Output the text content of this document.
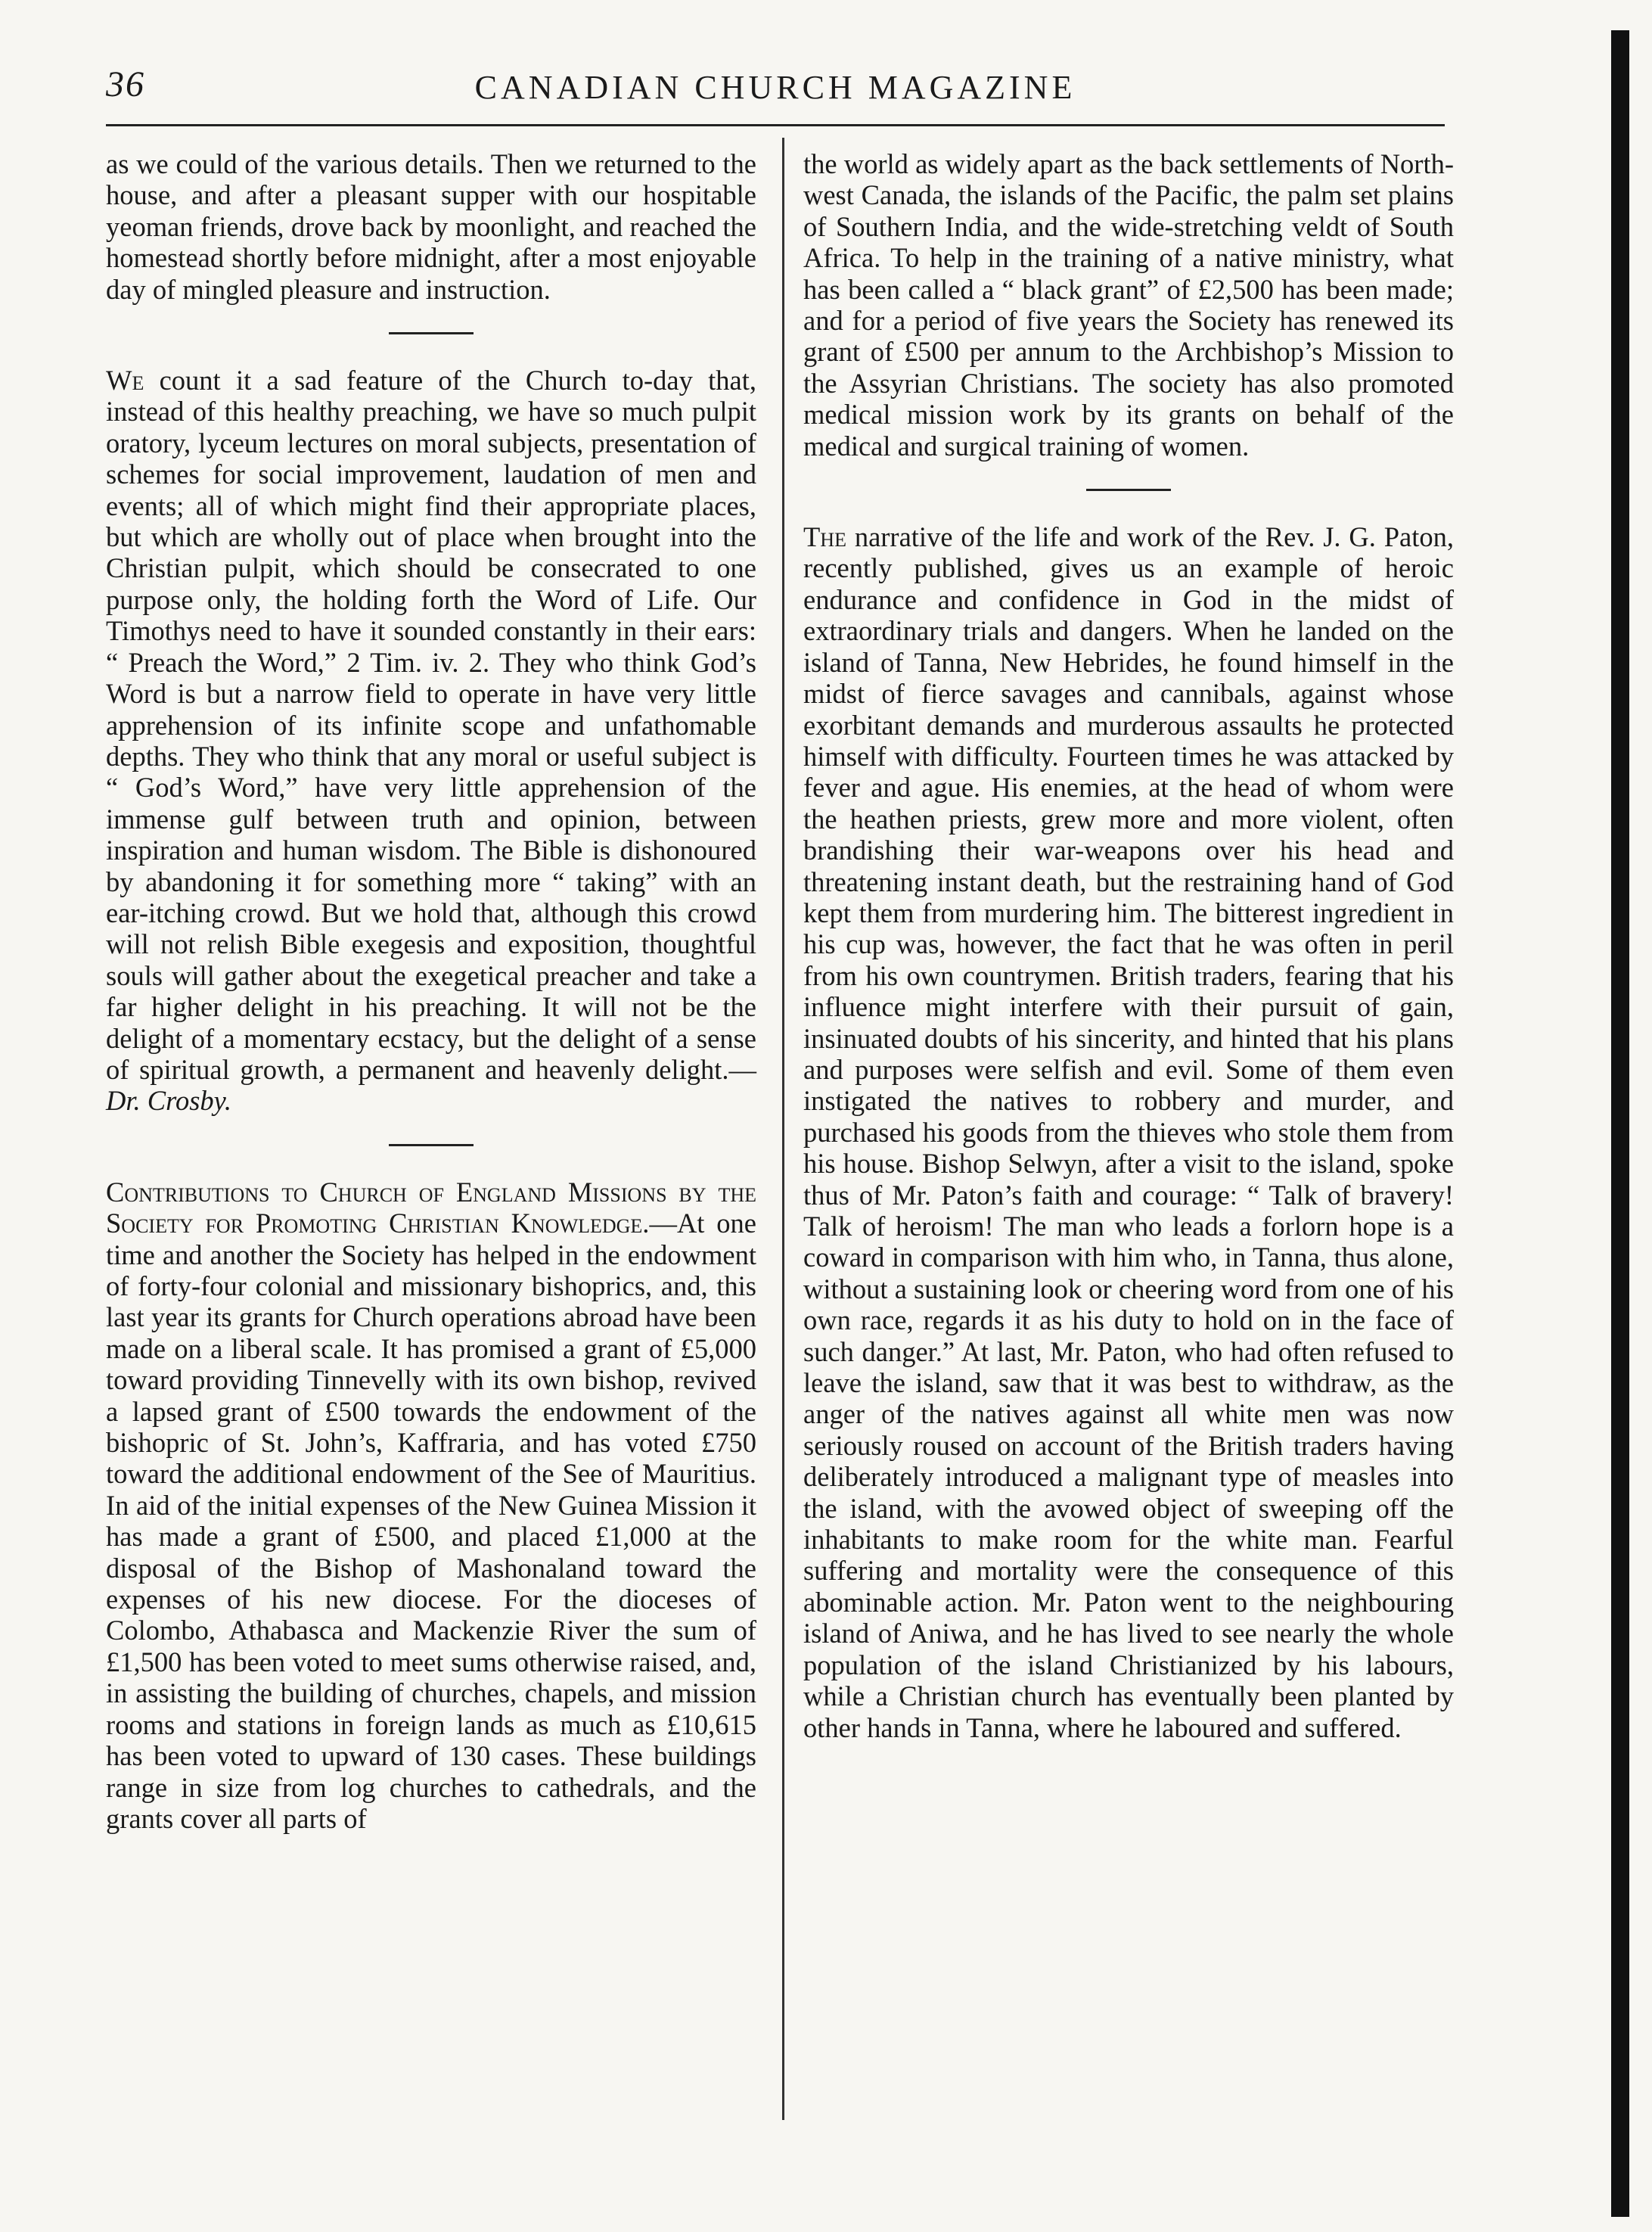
36	CANADIAN CHURCH MAGAZINE

as we could of the various details. Then we returned to the house, and after a pleasant supper with our hospitable yeoman friends, drove back by moonlight, and reached the homestead shortly before midnight, after a most enjoyable day of mingled pleasure and instruction.

We count it a sad feature of the Church to-day that, instead of this healthy preaching, we have so much pulpit oratory, lyceum lectures on moral subjects, presentation of schemes for social improvement, laudation of men and events; all of which might find their appropriate places, but which are wholly out of place when brought into the Christian pulpit, which should be consecrated to one purpose only, the holding forth the Word of Life. Our Timothys need to have it sounded constantly in their ears: “ Preach the Word,” 2 Tim. iv. 2. They who think God’s Word is but a narrow field to operate in have very little apprehension of its infinite scope and unfathomable depths. They who think that any moral or useful subject is “ God’s Word,” have very little apprehension of the immense gulf between truth and opinion, between inspiration and human wisdom. The Bible is dishonoured by abandoning it for something more “ taking” with an ear-itching crowd. But we hold that, although this crowd will not relish Bible exegesis and exposition, thoughtful souls will gather about the exegetical preacher and take a far higher delight in his preaching. It will not be the delight of a momentary ecstacy, but the delight of a sense of spiritual growth, a permanent and heavenly delight.— Dr. Crosby.

Contributions to Church of England Missions by the Society for Promoting Christian Knowledge.—At one time and another the Society has helped in the endowment of forty-four colonial and missionary bishoprics, and, this last year its grants for Church operations abroad have been made on a liberal scale. It has promised a grant of £5,000 toward providing Tinnevelly with its own bishop, revived a lapsed grant of £500 towards the endowment of the bishopric of St. John’s, Kaffraria, and has voted £750 toward the additional endowment of the See of Mauritius. In aid of the initial expenses of the New Guinea Mission it has made a grant of £500, and placed £1,000 at the disposal of the Bishop of Mashonaland toward the expenses of his new diocese. For the dioceses of Colombo, Athabasca and Mackenzie River the sum of £1,500 has been voted to meet sums otherwise raised, and, in assisting the building of churches, chapels, and mission rooms and stations in foreign lands as much as £10,615 has been voted to upward of 130 cases. These buildings range in size from log churches to cathedrals, and the grants cover all parts of

the world as widely apart as the back settlements of North-west Canada, the islands of the Pacific, the palm set plains of Southern India, and the wide-stretching veldt of South Africa. To help in the training of a native ministry, what has been called a “ black grant” of £2,500 has been made; and for a period of five years the Society has renewed its grant of £500 per annum to the Archbishop’s Mission to the Assyrian Christians. The society has also promoted medical mission work by its grants on behalf of the medical and surgical training of women.

The narrative of the life and work of the Rev. J. G. Paton, recently published, gives us an example of heroic endurance and confidence in God in the midst of extraordinary trials and dangers. When he landed on the island of Tanna, New Hebrides, he found himself in the midst of fierce savages and cannibals, against whose exorbitant demands and murderous assaults he protected himself with difficulty. Fourteen times he was attacked by fever and ague. His enemies, at the head of whom were the heathen priests, grew more and more violent, often brandishing their war-weapons over his head and threatening instant death, but the restraining hand of God kept them from murdering him. The bitterest ingredient in his cup was, however, the fact that he was often in peril from his own countrymen. British traders, fearing that his influence might interfere with their pursuit of gain, insinuated doubts of his sincerity, and hinted that his plans and purposes were selfish and evil. Some of them even instigated the natives to robbery and murder, and purchased his goods from the thieves who stole them from his house. Bishop Selwyn, after a visit to the island, spoke thus of Mr. Paton’s faith and courage: “ Talk of bravery! Talk of heroism! The man who leads a forlorn hope is a coward in comparison with him who, in Tanna, thus alone, without a sustaining look or cheering word from one of his own race, regards it as his duty to hold on in the face of such danger.” At last, Mr. Paton, who had often refused to leave the island, saw that it was best to withdraw, as the anger of the natives against all white men was now seriously roused on account of the British traders having deliberately introduced a malignant type of measles into the island, with the avowed object of sweeping off the inhabitants to make room for the white man. Fearful suffering and mortality were the consequence of this abominable action. Mr. Paton went to the neighbouring island of Aniwa, and he has lived to see nearly the whole population of the island Christianized by his labours, while a Christian church has eventually been planted by other hands in Tanna, where he laboured and suffered.
